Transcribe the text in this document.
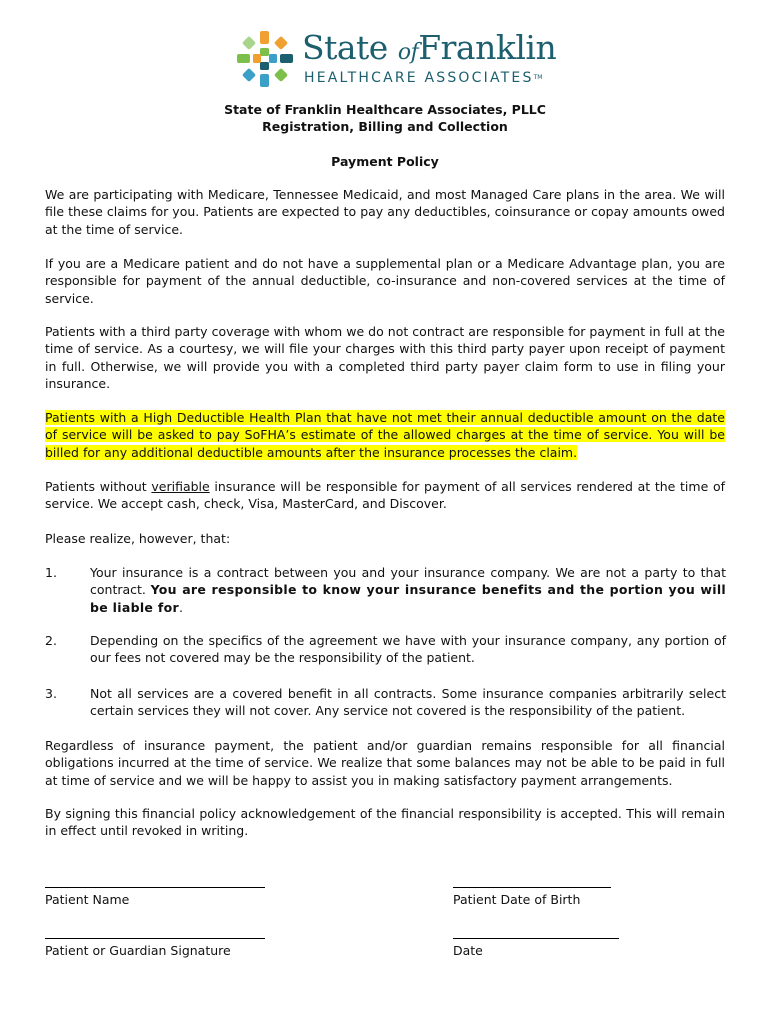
State ofFranklin
HEALTHCARE ASSOCIATESTM
State of Franklin Healthcare Associates, PLLC
Registration, Billing and Collection
Payment Policy

We are participating with Medicare, Tennessee Medicaid, and most Managed Care plans in the area. We will file these claims for you. Patients are expected to pay any deductibles, coinsurance or copay amounts owed at the time of service.

If you are a Medicare patient and do not have a supplemental plan or a Medicare Advantage plan, you are responsible for payment of the annual deductible, co-insurance and non-covered services at the time of service.

Patients with a third party coverage with whom we do not contract are responsible for payment in full at the time of service. As a courtesy, we will file your charges with this third party payer upon receipt of payment in full. Otherwise, we will provide you with a completed third party payer claim form to use in filing your insurance.

Patients with a High Deductible Health Plan that have not met their annual deductible amount on the date of service will be asked to pay SoFHA’s estimate of the allowed charges at the time of service. You will be billed for any additional deductible amounts after the insurance processes the claim.

Patients without verifiable insurance will be responsible for payment of all services rendered at the time of service. We accept cash, check, Visa, MasterCard, and Discover.

Please realize, however, that:

1.	Your insurance is a contract between you and your insurance company. We are not a party to that contract. You are responsible to know your insurance benefits and the portion you will be liable for.
2.	Depending on the specifics of the agreement we have with your insurance company, any portion of our fees not covered may be the responsibility of the patient.
3.	Not all services are a covered benefit in all contracts. Some insurance companies arbitrarily select certain services they will not cover. Any service not covered is the responsibility of the patient.

Regardless of insurance payment, the patient and/or guardian remains responsible for all financial obligations incurred at the time of service. We realize that some balances may not be able to be paid in full at time of service and we will be happy to assist you in making satisfactory payment arrangements.

By signing this financial policy acknowledgement of the financial responsibility is accepted. This will remain in effect until revoked in writing.

Patient Name	Patient Date of Birth
Patient or Guardian Signature	Date
